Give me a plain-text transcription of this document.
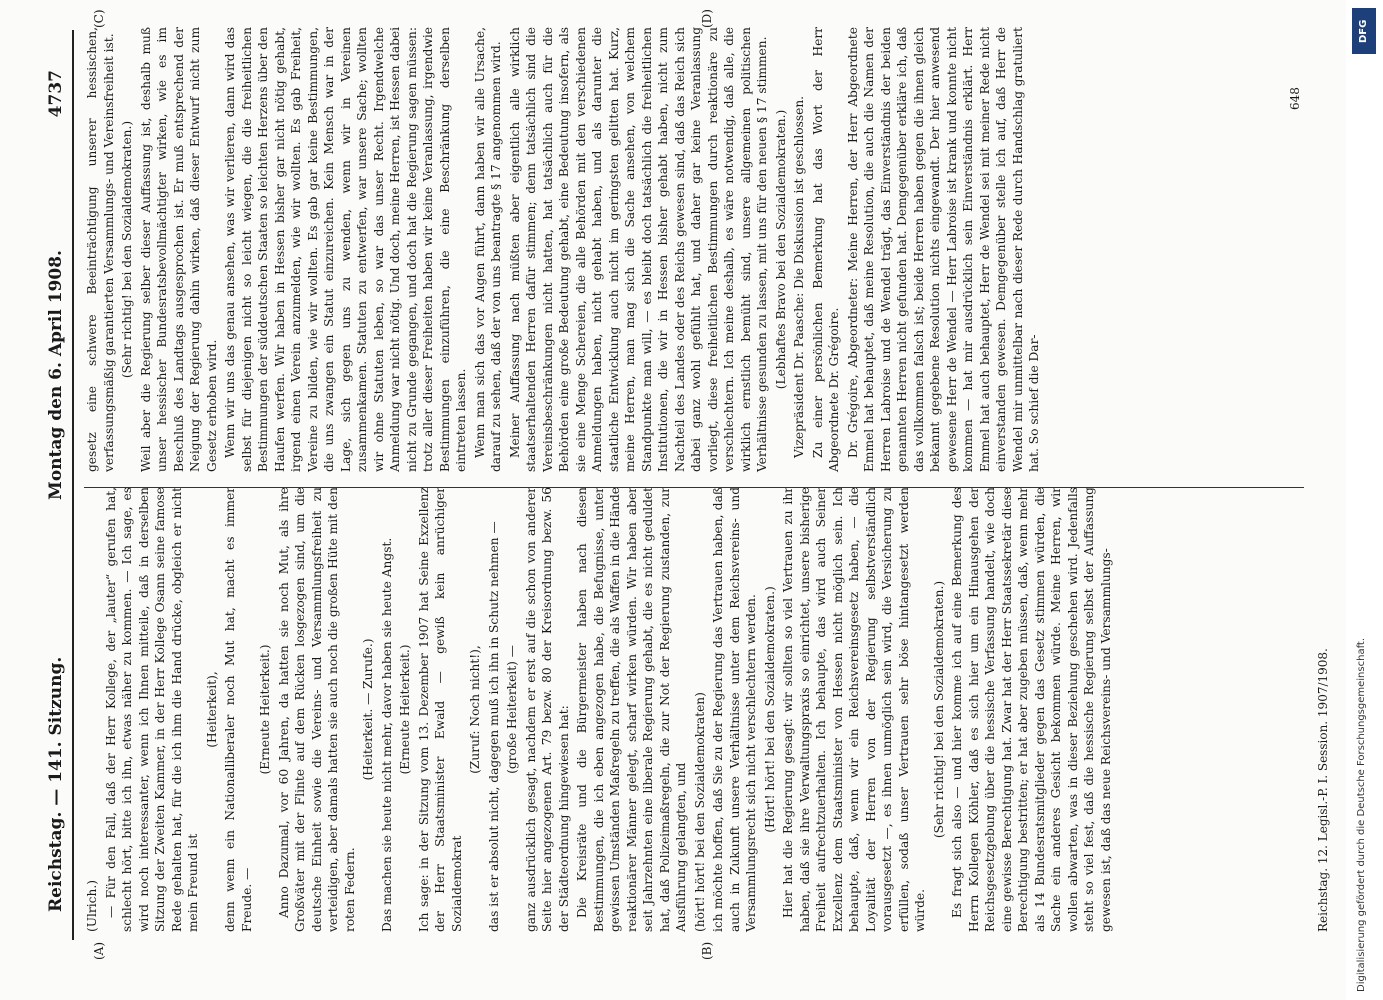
Reichstag. — 141. Sitzung.
Montag den 6. April 1908.
4737
(A)	(B)
(C)	(D)

(Ulrich.) — Für den Fall, daß der Herr Kollege, der „lauter“ gerufen hat, schlecht hört, bitte ich ihn, etwas näher zu kommen. — Ich sage, es wird noch interessanter, wenn ich Ihnen mitteile, daß in derselben Sitzung der Zweiten Kammer, in der Herr Kollege Osann seine famose Rede gehalten hat, für die ich ihm die Hand drücke, obgleich er nicht mein Freund ist

(Heiterkeit), denn wenn ein Nationalliberaler noch Mut hat, macht es immer Freude. —

(Erneute Heiterkeit.) Anno Dazumal, vor 60 Jahren, da hatten sie noch Mut, als ihre Großväter mit der Flinte auf dem Rücken losgezogen sind, um die deutsche Einheit sowie die Vereins- und Versammlungsfreiheit zu verteidigen, aber damals hatten sie auch noch die großen Hüte mit den roten Federn.

(Heiterkeit. — Zurufe.) Das machen sie heute nicht mehr, davor haben sie heute Angst. (Erneute Heiterkeit.) Ich sage: in der Sitzung vom 13. Dezember 1907 hat Seine Exzellenz der Herr Staatsminister Ewald — gewiß kein anrüchiger Sozialdemokrat

(Zuruf: Noch nicht!), das ist er absolut nicht, dagegen muß ich ihn in Schutz nehmen — (große Heiterkeit) — ganz ausdrücklich gesagt, nachdem er erst auf die schon von anderer Seite hier angezogenen Art. 79 bezw. 80 der Kreisordnung bezw. 56 der Städteordnung hingewiesen hat: Die Kreisräte und die Bürgermeister haben nach diesen Bestimmungen, die ich eben angezogen habe, die Befugnisse, unter gewissen Umständen Maßregeln zu treffen, die als Waffen in die Hände reaktionärer Männer gelegt, scharf wirken würden. Wir haben aber seit Jahrzehnten eine liberale Regierung gehabt, die es nicht geduldet hat, daß Polizeimaßregeln, die zur Not der Regierung zustanden, zur Ausführung gelangten, und (hört! hört! bei den Sozialdemokraten) ich möchte hoffen, daß Sie zu der Regierung das Vertrauen haben, daß auch in Zukunft unsere Verhältnisse unter dem Reichsvereins- und Versammlungsrecht sich nicht verschlechtern werden. (Hört! hört! bei den Sozialdemokraten.) Hier hat die Regierung gesagt: wir sollten so viel Vertrauen zu ihr haben, daß sie ihre Verwaltungspraxis so einrichtet, unsere bisherige Freiheit aufrechtzuerhalten. Ich behaupte, das wird auch Seiner Exzellenz dem Staatsminister von Hessen nicht möglich sein. Ich behaupte, daß, wenn wir ein Reichsvereinsgesetz haben, — die Loyalität der Herren von der Regierung selbstverständlich vorausgesetzt —, es ihnen unmöglich sein wird, die Versicherung zu erfüllen, sodaß unser Vertrauen sehr böse hintangesetzt werden würde.

(Sehr richtig! bei den Sozialdemokraten.) Es fragt sich also — und hier komme ich auf eine Bemerkung des Herrn Kollegen Köhler, daß es sich hier um ein Hinausgehen der Reichsgesetzgebung über die hessische Verfassung handelt, wie doch eine gewisse Berechtigung hat. Zwar hat der Herr Staatssekretär diese Berechtigung bestritten; er hat aber zugeben müssen, daß, wenn mehr als 14 Bundesratsmitglieder gegen das Gesetz stimmen würden, die Sache ein anderes Gesicht bekommen würde. Meine Herren, wir wollen abwarten, was in dieser Beziehung geschehen wird. Jedenfalls steht so viel fest, daß die hessische Regierung selbst der Auffassung gewesen ist, daß das neue Reichsvereins- und Versammlungs-

gesetz eine schwere Beeinträchtigung unserer hessischen, verfassungsmäßig garantierten Versammlungs- und Vereinsfreiheit ist. (Sehr richtig! bei den Sozialdemokraten.) Weil aber die Regierung selber dieser Auffassung ist, deshalb muß unser hessischer Bundesratsbevollmächtigter wirken, wie es im Beschluß des Landtags ausgesprochen ist. Er muß entsprechend der Neigung der Regierung dahin wirken, daß dieser Entwurf nicht zum Gesetz erhoben wird. Wenn wir uns das genau ansehen, was wir verlieren, dann wird das selbst für diejenigen nicht so leicht wiegen, die die freiheitlichen Bestimmungen der süddeutschen Staaten so leichten Herzens über den Haufen werfen. Wir haben in Hessen bisher gar nicht nötig gehabt, irgend einen Verein anzumelden, wie wir wollten. Es gab Freiheit, Vereine zu bilden, wie wir wollten. Es gab gar keine Bestimmungen, die uns zwangen ein Statut einzureichen. Kein Mensch war in der Lage, sich gegen uns zu wenden, wenn wir in Vereinen zusammenkamen. Statuten zu entwerfen, war unsere Sache; wollten wir ohne Statuten leben, so war das unser Recht. Irgendwelche Anmeldung war nicht nötig. Und doch, meine Herren, ist Hessen dabei nicht zu Grunde gegangen, und doch hat die Regierung sagen müssen: trotz aller dieser Freiheiten haben wir keine Veranlassung, irgendwie Bestimmungen einzuführen, die eine Beschränkung derselben eintreten lassen. Wenn man sich das vor Augen führt, dann haben wir alle Ursache, darauf zu sehen, daß der von uns beantragte § 17 angenommen wird. Meiner Auffassung nach müßten aber eigentlich alle wirklich staatserhaltenden Herren dafür stimmen; denn tatsächlich sind die Vereinsbeschränkungen nicht hatten, hat tatsächlich auch für die Behörden eine große Bedeutung gehabt, eine Bedeutung insofern, als sie eine Menge Schereien, die alle Behörden mit den verschiedenen Anmeldungen haben, nicht gehabt haben, und als darunter die staatliche Entwicklung auch nicht im geringsten gelitten hat. Kurz, meine Herren, man mag sich die Sache ansehen, von welchem Standpunkte man will, — es bleibt doch tatsächlich die freiheitlichen Institutionen, die wir in Hessen bisher gehabt haben, nicht zum Nachteil des Landes oder des Reichs gewesen sind, daß das Reich sich dabei ganz wohl gefühlt hat, und daher gar keine Veranlassung vorliegt, diese freiheitlichen Bestimmungen durch reaktionäre zu verschlechtern. Ich meine deshalb, es wäre notwendig, daß alle, die wirklich ernstlich bemüht sind, unsere allgemeinen politischen Verhältnisse gesunden zu lassen, mit uns für den neuen § 17 stimmen. (Lebhaftes Bravo bei den Sozialdemokraten.) Vizepräsident Dr. Paasche: Die Diskussion ist geschlossen. Zu einer persönlichen Bemerkung hat das Wort der Herr Abgeordnete Dr. Grégoire. Dr. Grégoire, Abgeordneter: Meine Herren, der Herr Abgeordnete Emmel hat behauptet, daß meine Resolution, die auch die Namen der Herren Labroise und de Wendel trägt, das Einverständnis der beiden genannten Herren nicht gefunden hat. Demgegenüber erkläre ich, daß das vollkommen falsch ist; beide Herren haben gegen die ihnen gleich bekannt gegebene Resolution nichts eingewandt. Der hier anwesend gewesene Herr de Wendel — Herr Labroise ist krank und konnte nicht kommen — hat mir ausdrücklich sein Einverständnis erklärt. Herr Emmel hat auch behauptet, Herr de Wendel sei mit meiner Rede nicht einverstanden gewesen. Demgegenüber stelle ich auf, daß Herr de Wendel mir unmittelbar nach dieser Rede durch Handschlag gratuliert hat. So schief die Dar-

Reichstag. 12. Legisl.-P. I. Session. 1907/1908.
648
DFG
Digitalisierung gefördert durch die Deutsche Forschungsgemeinschaft.
